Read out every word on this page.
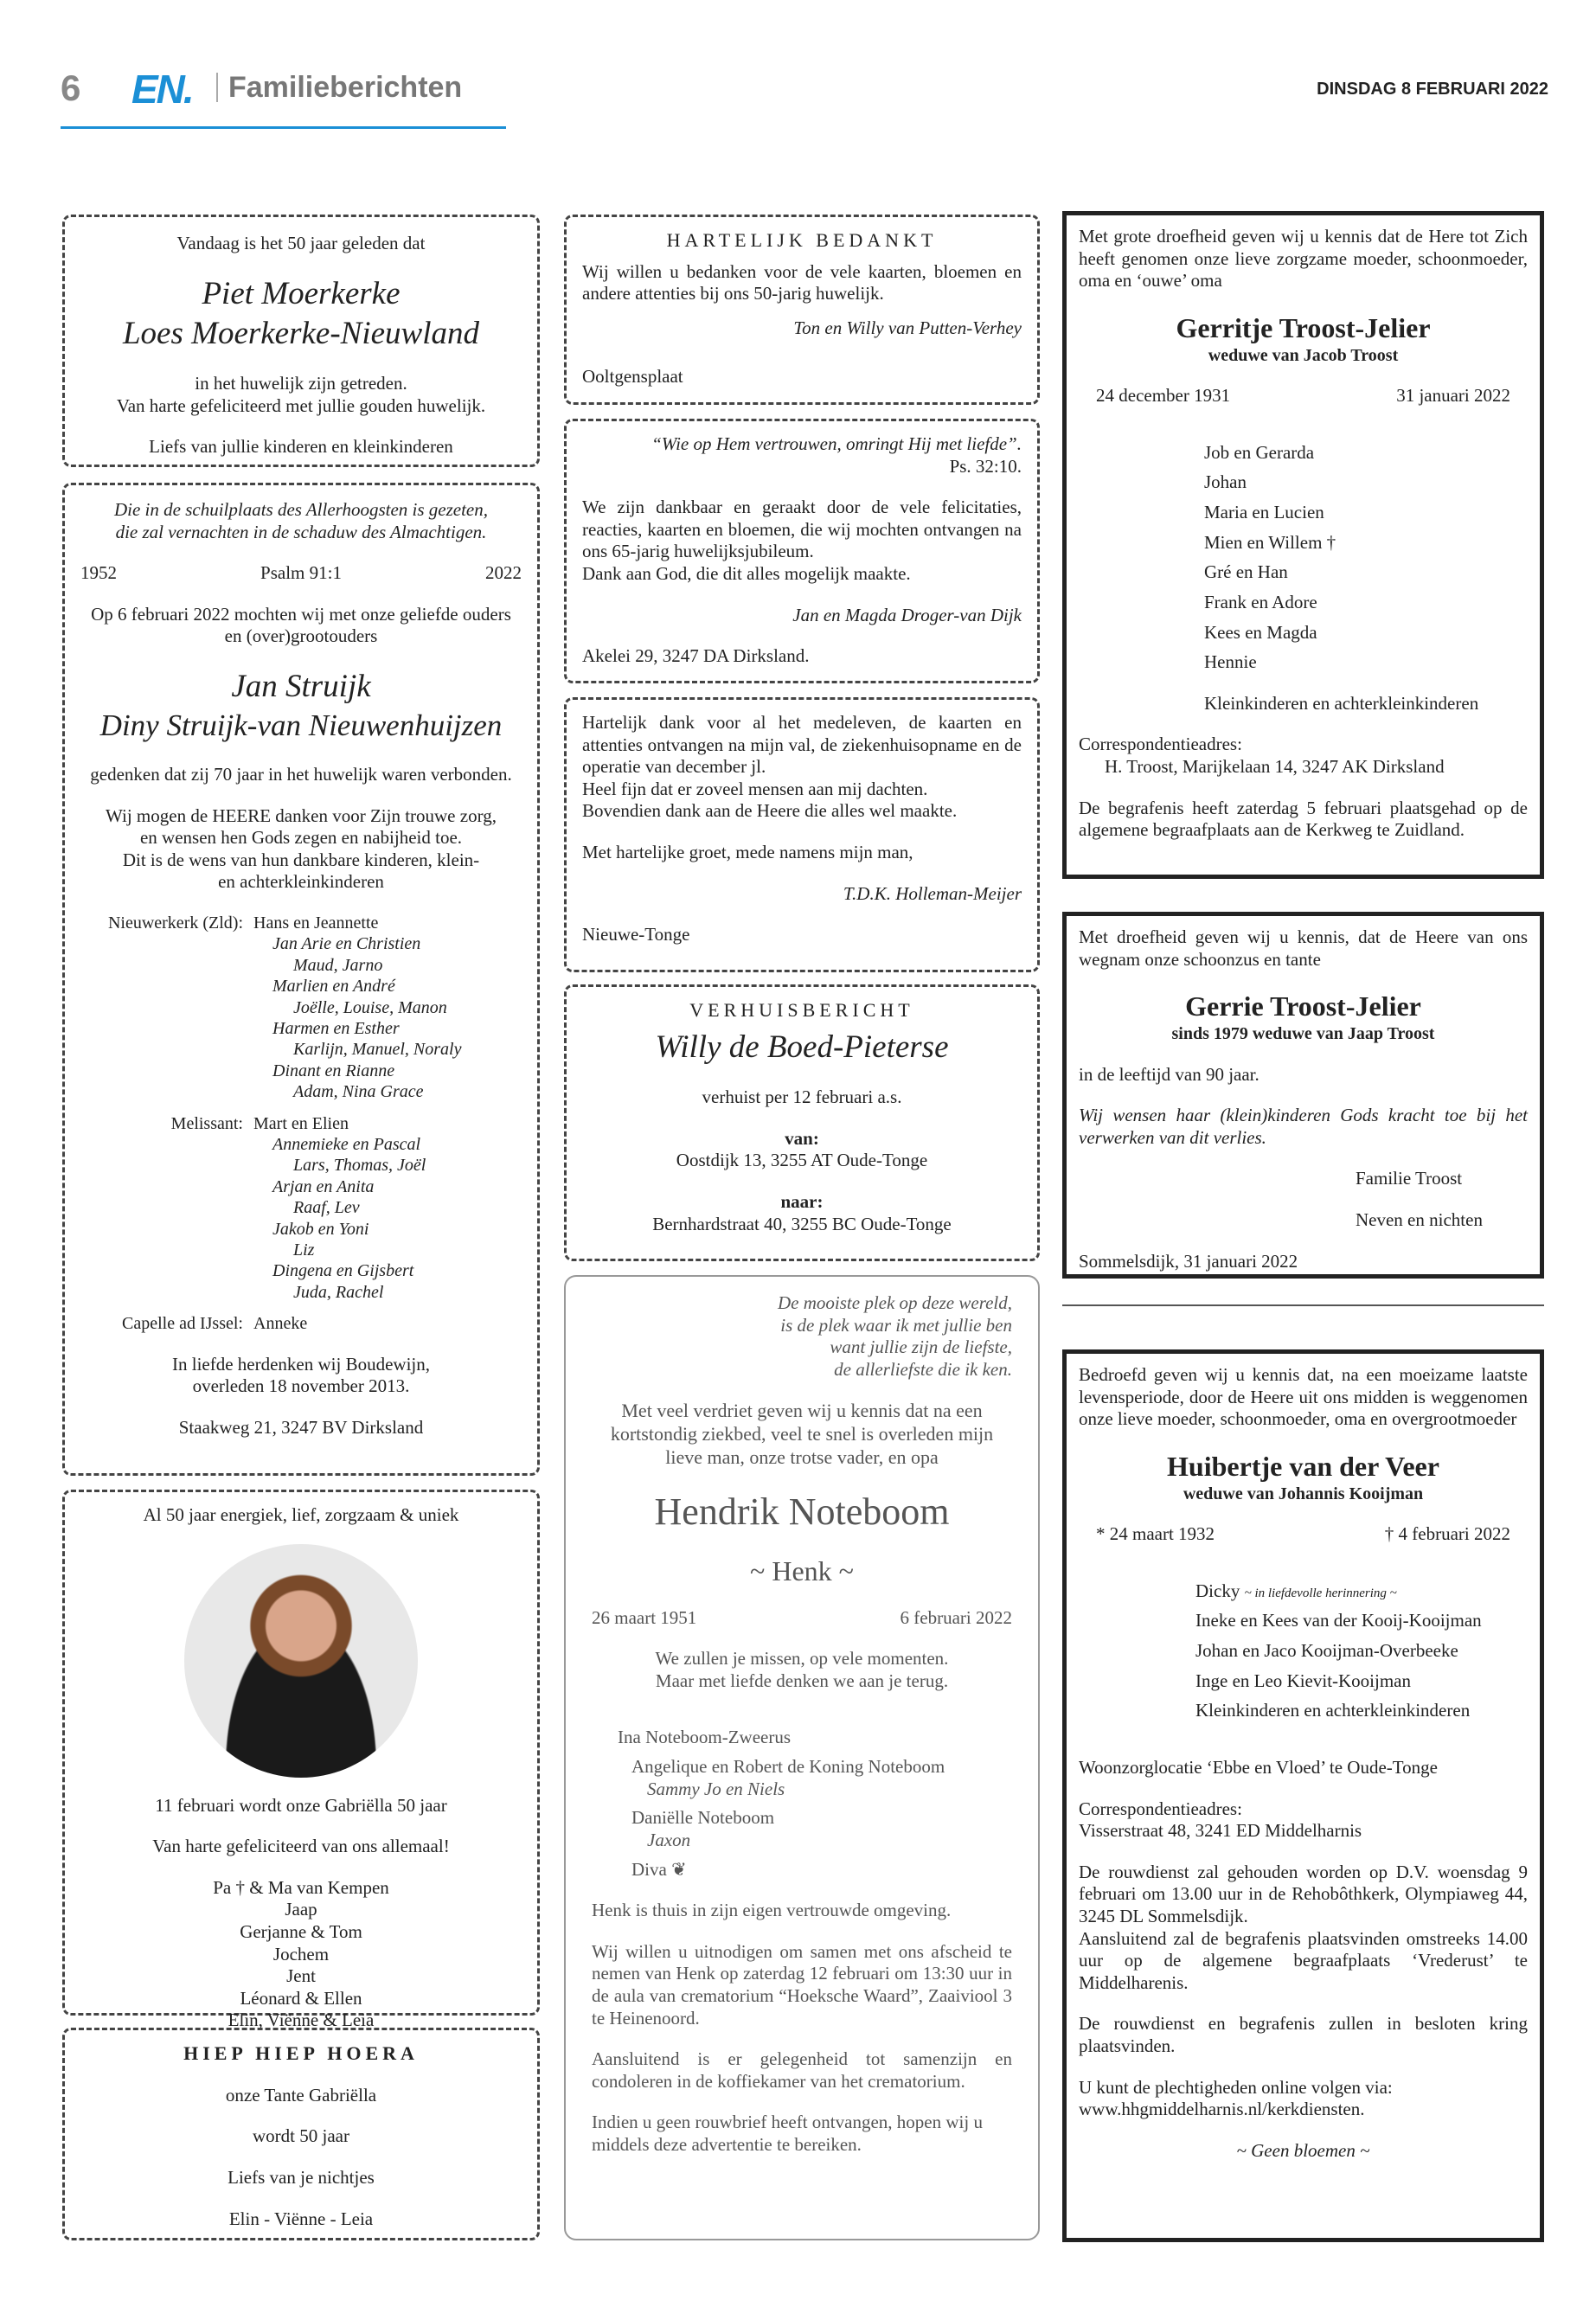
6 EN. Familieberichten	DINSDAG 8 FEBRUARI 2022
Vandaag is het 50 jaar geleden dat
Piet Moerkerke
Loes Moerkerke-Nieuwland
in het huwelijk zijn getreden.
Van harte gefeliciteerd met jullie gouden huwelijk.
Liefs van jullie kinderen en kleinkinderen
Die in de schuilplaats des Allerhoogsten is gezeten,
die zal vernachten in de schaduw des Almachtigen.
1952	Psalm 91:1	2022
Op 6 februari 2022 mochten wij met onze geliefde ouders en (over)grootouders
Jan Struijk
Diny Struijk-van Nieuwenhuijzen
gedenken dat zij 70 jaar in het huwelijk waren verbonden.
Wij mogen de HEERE danken voor Zijn trouwe zorg,
en wensen hen Gods zegen en nabijheid toe.
Dit is de wens van hun dankbare kinderen, klein-
en achterkleinkinderen
Nieuwerkerk (Zld): Hans en Jeannette
Jan Arie en Christien
Maud, Jarno
Marlien en André
Joëlle, Louise, Manon
Harmen en Esther
Karlijn, Manuel, Noraly
Dinant en Rianne
Adam, Nina Grace
Melissant: Mart en Elien
Annemieke en Pascal
Lars, Thomas, Joël
Arjan en Anita
Raaf, Lev
Jakob en Yoni
Liz
Dingena en Gijsbert
Juda, Rachel
Capelle ad IJssel: Anneke
In liefde herdenken wij Boudewijn,
overleden 18 november 2013.
Staakweg 21, 3247 BV Dirksland
Al 50 jaar energiek, lief, zorgzaam & uniek
11 februari wordt onze Gabriëlla 50 jaar
Van harte gefeliciteerd van ons allemaal!
Pa † & Ma van Kempen
Jaap
Gerjanne & Tom
Jochem
Jent
Léonard & Ellen
Elin, Viënne & Leia
HIEP HIEP HOERA
onze Tante Gabriëlla
wordt 50 jaar
Liefs van je nichtjes
Elin - Viënne - Leia
HARTELIJK BEDANKT
Wij willen u bedanken voor de vele kaarten, bloemen en andere attenties bij ons 50-jarig huwelijk.
Ton en Willy van Putten-Verhey
Ooltgensplaat
“Wie op Hem vertrouwen, omringt Hij met liefde”.
Ps. 32:10.
We zijn dankbaar en geraakt door de vele felicitaties, reacties, kaarten en bloemen, die wij mochten ontvangen na ons 65-jarig huwelijksjubileum.
Dank aan God, die dit alles mogelijk maakte.
Jan en Magda Droger-van Dijk
Akelei 29, 3247 DA Dirksland.
Hartelijk dank voor al het medeleven, de kaarten en attenties ontvangen na mijn val, de ziekenhuisopname en de operatie van december jl.
Heel fijn dat er zoveel mensen aan mij dachten.
Bovendien dank aan de Heere die alles wel maakte.
Met hartelijke groet, mede namens mijn man,
T.D.K. Holleman-Meijer
Nieuwe-Tonge
VERHUISBERICHT
Willy de Boed-Pieterse
verhuist per 12 februari a.s.
van:
Oostdijk 13, 3255 AT Oude-Tonge
naar:
Bernhardstraat 40, 3255 BC Oude-Tonge
De mooiste plek op deze wereld,
is de plek waar ik met jullie ben
want jullie zijn de liefste,
de allerliefste die ik ken.
Met veel verdriet geven wij u kennis dat na een kortstondig ziekbed, veel te snel is overleden mijn lieve man, onze trotse vader, en opa
Hendrik Noteboom
~ Henk ~
26 maart 1951	6 februari 2022
We zullen je missen, op vele momenten.
Maar met liefde denken we aan je terug.
Ina Noteboom-Zweerus
Angelique en Robert de Koning Noteboom
Sammy Jo en Niels
Daniëlle Noteboom
Jaxon
Diva ❦
Henk is thuis in zijn eigen vertrouwde omgeving.
Wij willen u uitnodigen om samen met ons afscheid te nemen van Henk op zaterdag 12 februari om 13:30 uur in de aula van crematorium “Hoeksche Waard”, Zaaiviool 3 te Heinenoord.
Aansluitend is er gelegenheid tot samenzijn en condoleren in de koffiekamer van het crematorium.
Indien u geen rouwbrief heeft ontvangen, hopen wij u middels deze advertentie te bereiken.
Met grote droefheid geven wij u kennis dat de Here tot Zich heeft genomen onze lieve zorgzame moeder, schoonmoeder, oma en ‘ouwe’ oma
Gerritje Troost-Jelier
weduwe van Jacob Troost
24 december 1931	31 januari 2022
Job en Gerarda
Johan
Maria en Lucien
Mien en Willem †
Gré en Han
Frank en Adore
Kees en Magda
Hennie
Kleinkinderen en achterkleinkinderen
Correspondentieadres:
H. Troost, Marijkelaan 14, 3247 AK Dirksland
De begrafenis heeft zaterdag 5 februari plaatsgehad op de algemene begraafplaats aan de Kerkweg te Zuidland.
Met droefheid geven wij u kennis, dat de Heere van ons wegnam onze schoonzus en tante
Gerrie Troost-Jelier
sinds 1979 weduwe van Jaap Troost
in de leeftijd van 90 jaar.
Wij wensen haar (klein)kinderen Gods kracht toe bij het verwerken van dit verlies.
Familie Troost
Neven en nichten
Sommelsdijk, 31 januari 2022
Bedroefd geven wij u kennis dat, na een moeizame laatste levensperiode, door de Heere uit ons midden is weggenomen onze lieve moeder, schoonmoeder, oma en overgrootmoeder
Huibertje van der Veer
weduwe van Johannis Kooijman
* 24 maart 1932	† 4 februari 2022
Dicky ~ in liefdevolle herinnering ~
Ineke en Kees van der Kooij-Kooijman
Johan en Jaco Kooijman-Overbeeke
Inge en Leo Kievit-Kooijman
Kleinkinderen en achterkleinkinderen
Woonzorglocatie ‘Ebbe en Vloed’ te Oude-Tonge
Correspondentieadres:
Visserstraat 48, 3241 ED Middelharnis
De rouwdienst zal gehouden worden op D.V. woensdag 9 februari om 13.00 uur in de Rehobôthkerk, Olympiaweg 44, 3245 DL Sommelsdijk.
Aansluitend zal de begrafenis plaatsvinden omstreeks 14.00 uur op de algemene begraafplaats ‘Vrederust’ te Middelharenis.
De rouwdienst en begrafenis zullen in besloten kring plaatsvinden.
U kunt de plechtigheden online volgen via:
www.hhgmiddelharnis.nl/kerkdiensten.
~ Geen bloemen ~
